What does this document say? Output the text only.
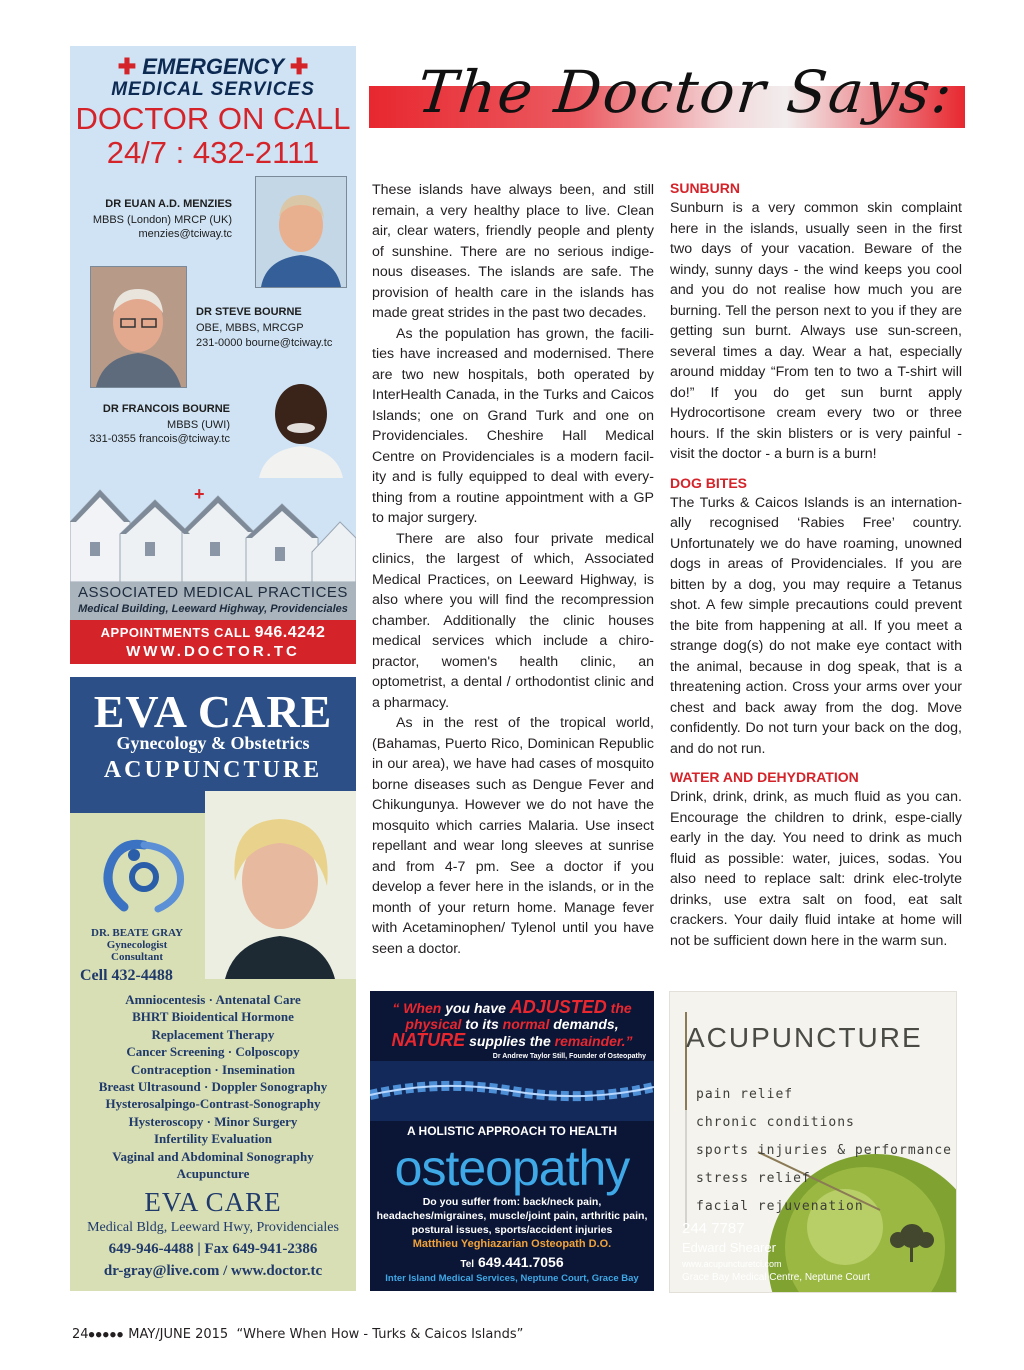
✚ EMERGENCY ✚
MEDICAL SERVICES
DOCTOR ON CALL
24/7 : 432-2111
DR EUAN A.D. MENZIES
MBBS (London) MRCP (UK)
menzies@tciway.tc
DR STEVE BOURNE
OBE, MBBS, MRCGP
231-0000 bourne@tciway.tc
DR FRANCOIS BOURNE
MBBS (UWI)
331-0355 francois@tciway.tc
+
ASSOCIATED MEDICAL PRACTICES
Medical Building, Leeward Highway, Providenciales
APPOINTMENTS CALL 946.4242
WWW.DOCTOR.TC
EVA CARE
Gynecology & Obstetrics
ACUPUNCTURE
DR. BEATE GRAY
Gynecologist
Consultant
Cell 432-4488
Amniocentesis · Antenatal Care
BHRT Bioidentical Hormone
Replacement Therapy
Cancer Screening · Colposcopy
Contraception · Insemination
Breast Ultrasound · Doppler Sonography
Hysterosalpingo-Contrast-Sonography
Hysteroscopy · Minor Surgery
Infertility Evaluation
Vaginal and Abdominal Sonography
Acupuncture
EVA CARE
Medical Bldg, Leeward Hwy, Providenciales
649-946-4488 | Fax 649-941-2386
dr-gray@live.com / www.doctor.tc
The Doctor Says:

These islands have always been, and still remain, a very healthy place to live. Clean air, clear waters, friendly people and plenty of sunshine. There are no serious indige-nous diseases. The islands are safe. The provision of health care in the islands has made great strides in the past two decades.

As the population has grown, the facili-ties have increased and modernised. There are two new hospitals, both operated by InterHealth Canada, in the Turks and Caicos Islands; one on Grand Turk and one on Providenciales. Cheshire Hall Medical Centre on Providenciales is a modern facil-ity and is fully equipped to deal with every-thing from a routine appointment with a GP to major surgery.

There are also four private medical clinics, the largest of which, Associated Medical Practices, on Leeward Highway, is also where you will find the recompression chamber. Additionally the clinic houses medical services which include a chiro-practor, women's health clinic, an optometrist, a dental / orthodontist clinic and a pharmacy.

As in the rest of the tropical world, (Bahamas, Puerto Rico, Dominican Republic in our area), we have had cases of mosquito borne diseases such as Dengue Fever and Chikungunya. However we do not have the mosquito which carries Malaria. Use insect repellant and wear long sleeves at sunrise and from 4-7 pm. See a doctor if you develop a fever here in the islands, or in the month of your return home. Manage fever with Acetaminophen/ Tylenol until you have seen a doctor.

SUNBURN

Sunburn is a very common skin complaint here in the islands, usually seen in the first two days of your vacation. Beware of the windy, sunny days - the wind keeps you cool and you do not realise how much you are burning. Tell the person next to you if they are getting sun burnt. Always use sun-screen, several times a day. Wear a hat, especially around midday “From ten to two a T-shirt will do!” If you do get sun burnt apply Hydrocortisone cream every two or three hours. If the skin blisters or is very painful - visit the doctor - a burn is a burn!

DOG BITES

The Turks & Caicos Islands is an internation-ally recognised ‘Rabies Free’ country. Unfortunately we do have roaming, unowned dogs in areas of Providenciales. If you are bitten by a dog, you may require a Tetanus shot. A few simple precautions could prevent the bite from happening at all. If you meet a strange dog(s) do not make eye contact with the animal, because in dog speak, that is a threatening action. Cross your arms over your chest and back away from the dog. Move confidently. Do not turn your back on the dog, and do not run.

WATER AND DEHYDRATION

Drink, drink, drink, as much fluid as you can. Encourage the children to drink, espe-cially early in the day. You need to drink as much fluid as possible: water, juices, sodas. You also need to replace salt: drink elec-trolyte drinks, use extra salt on food, eat salt crackers. Your daily fluid intake at home will not be sufficient down here in the warm sun.

“ When you have ADJUSTED the
physical to its normal demands,
NATURE supplies the remainder.”
Dr Andrew Taylor Still, Founder of Osteopathy
A HOLISTIC APPROACH TO HEALTH
osteopathy
Do you suffer from: back/neck pain, headaches/migraines, muscle/joint pain, arthritic pain, postural issues, sports/accident injuries
Matthieu Yeghiazarian Osteopath D.O.
Tel 649.441.7056
Inter Island Medical Services, Neptune Court, Grace Bay
ACUPUNCTURE
pain relief
chronic conditions
sports injuries & performance
stress relief
facial rejuvenation
244 7787
Edward Shearer
www.acupuncturetci.com
Grace Bay Medical Centre, Neptune Court
24●●●●● MAY/JUNE 2015 “Where When How - Turks & Caicos Islands”
